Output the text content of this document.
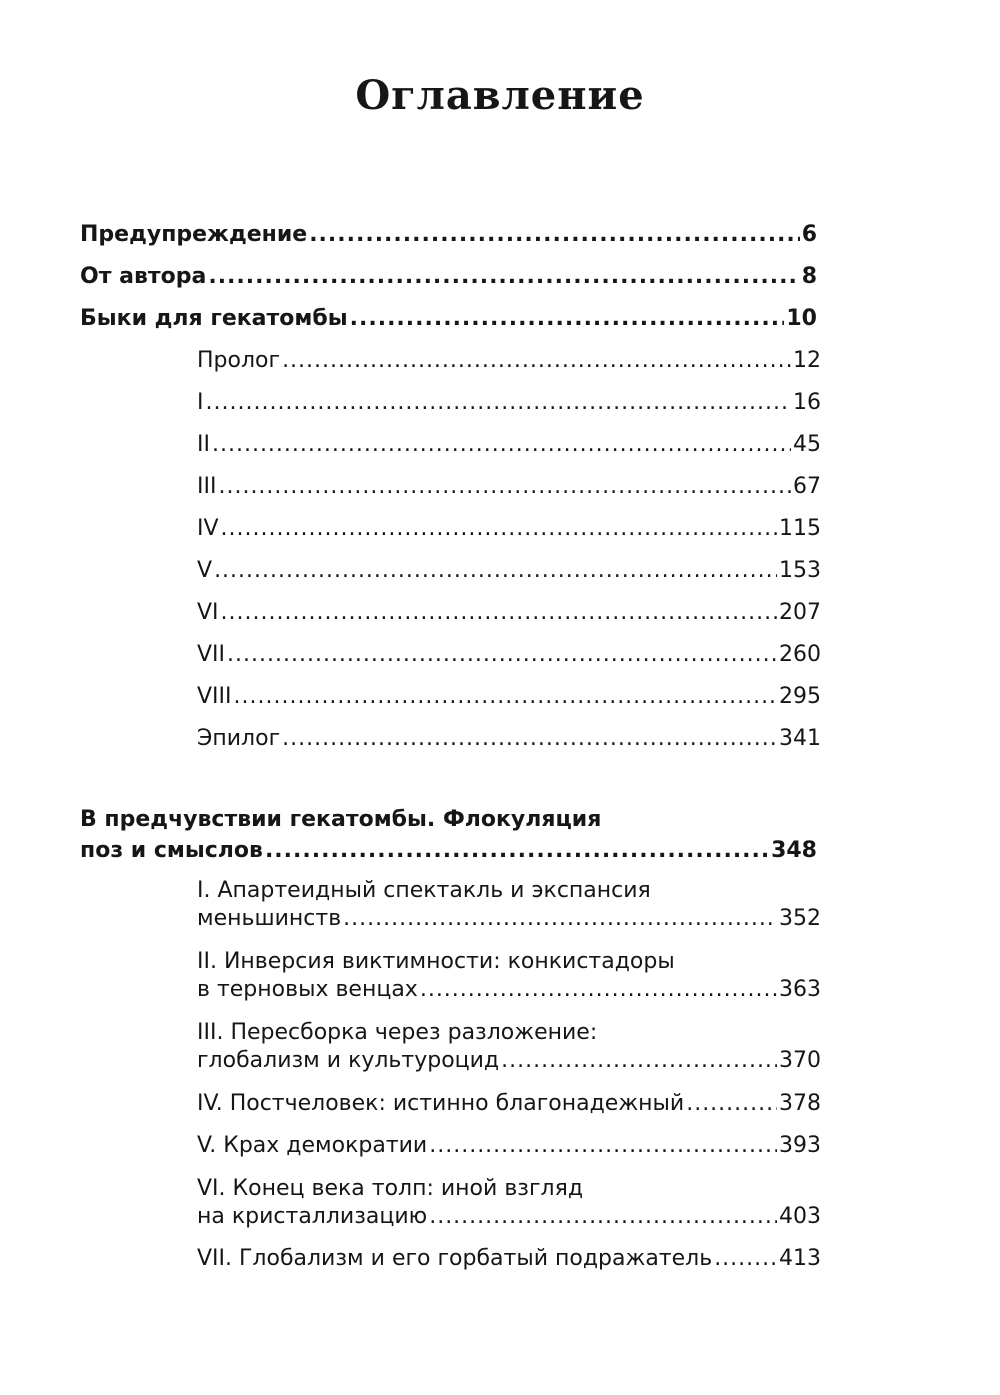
Оглавление
Предупреждение .....	6
От автора .....	8
Быки для гекатомбы .....	10
Пролог .....	12
I .....	16
II .....	45
III .....	67
IV .....	115
V .....	153
VI .....	207
VII .....	260
VIII .....	295
Эпилог .....	341
В предчувствии гекатомбы. Флокуляция
поз и смыслов .....	348
I. Апартеидный спектакль и экспансия
меньшинств .....	352
II. Инверсия виктимности: конкистадоры
в терновых венцах .....	363
III. Пересборка через разложение:
глобализм и культуроцид .....	370
IV. Постчеловек: истинно благонадежный .....	378
V. Крах демократии .....	393
VI. Конец века толп: иной взгляд
на кристаллизацию .....	403
VII. Глобализм и его горбатый подражатель .....	413
